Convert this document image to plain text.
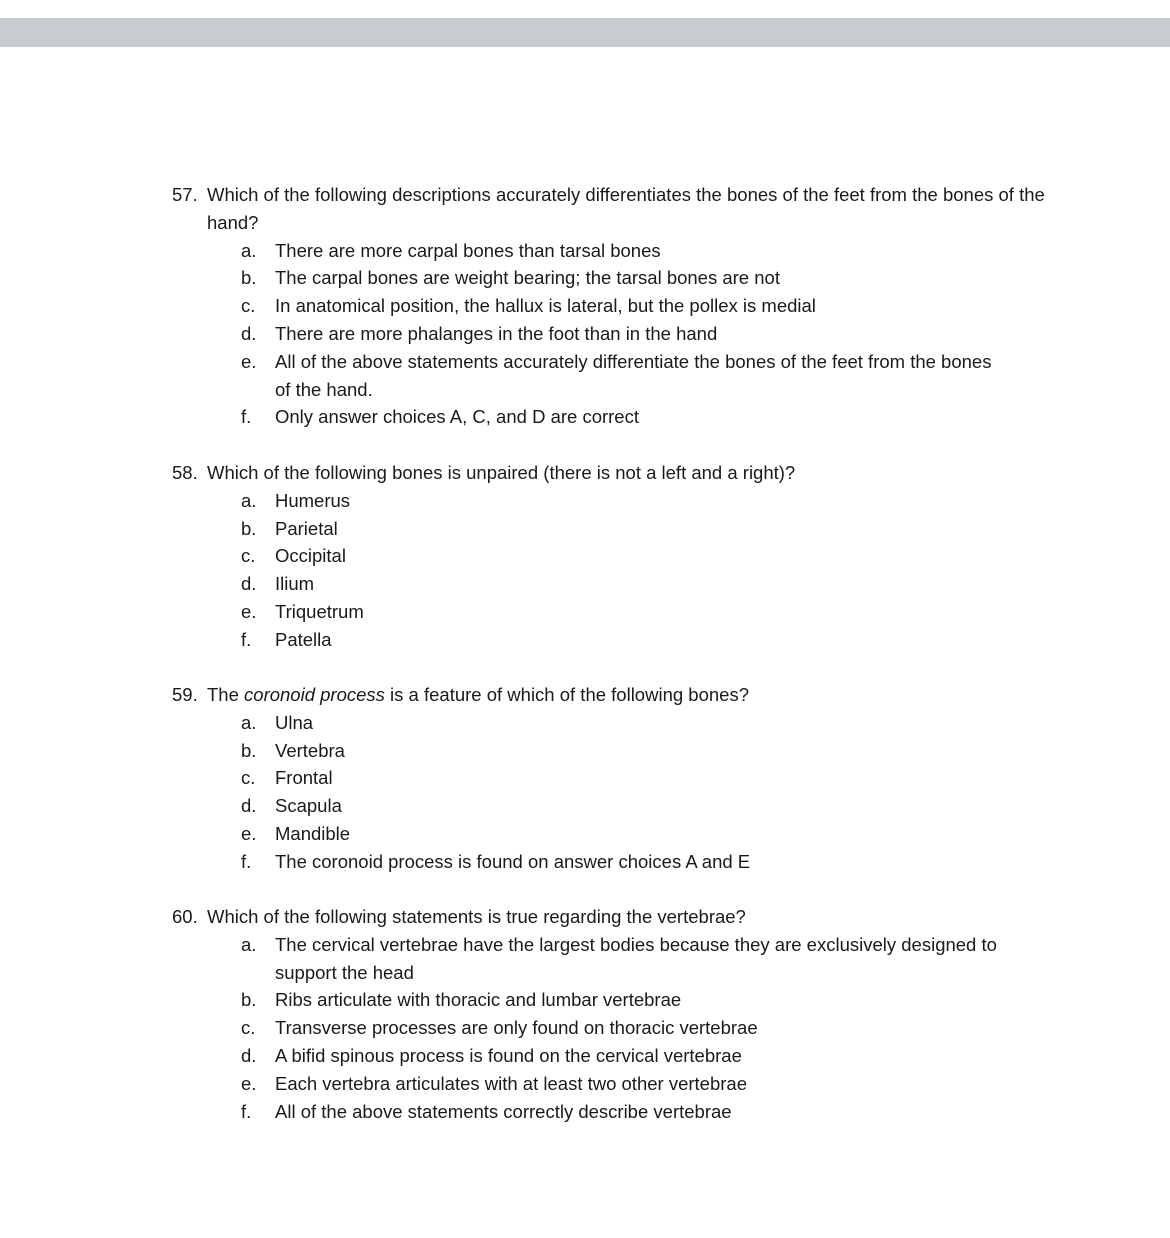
57. Which of the following descriptions accurately differentiates the bones of the feet from the bones of the hand?
a. There are more carpal bones than tarsal bones
b. The carpal bones are weight bearing; the tarsal bones are not
c. In anatomical position, the hallux is lateral, but the pollex is medial
d. There are more phalanges in the foot than in the hand
e. All of the above statements accurately differentiate the bones of the feet from the bones of the hand.
f. Only answer choices A, C, and D are correct
58. Which of the following bones is unpaired (there is not a left and a right)?
a. Humerus
b. Parietal
c. Occipital
d. Ilium
e. Triquetrum
f. Patella
59. The coronoid process is a feature of which of the following bones?
a. Ulna
b. Vertebra
c. Frontal
d. Scapula
e. Mandible
f. The coronoid process is found on answer choices A and E
60. Which of the following statements is true regarding the vertebrae?
a. The cervical vertebrae have the largest bodies because they are exclusively designed to support the head
b. Ribs articulate with thoracic and lumbar vertebrae
c. Transverse processes are only found on thoracic vertebrae
d. A bifid spinous process is found on the cervical vertebrae
e. Each vertebra articulates with at least two other vertebrae
f. All of the above statements correctly describe vertebrae
